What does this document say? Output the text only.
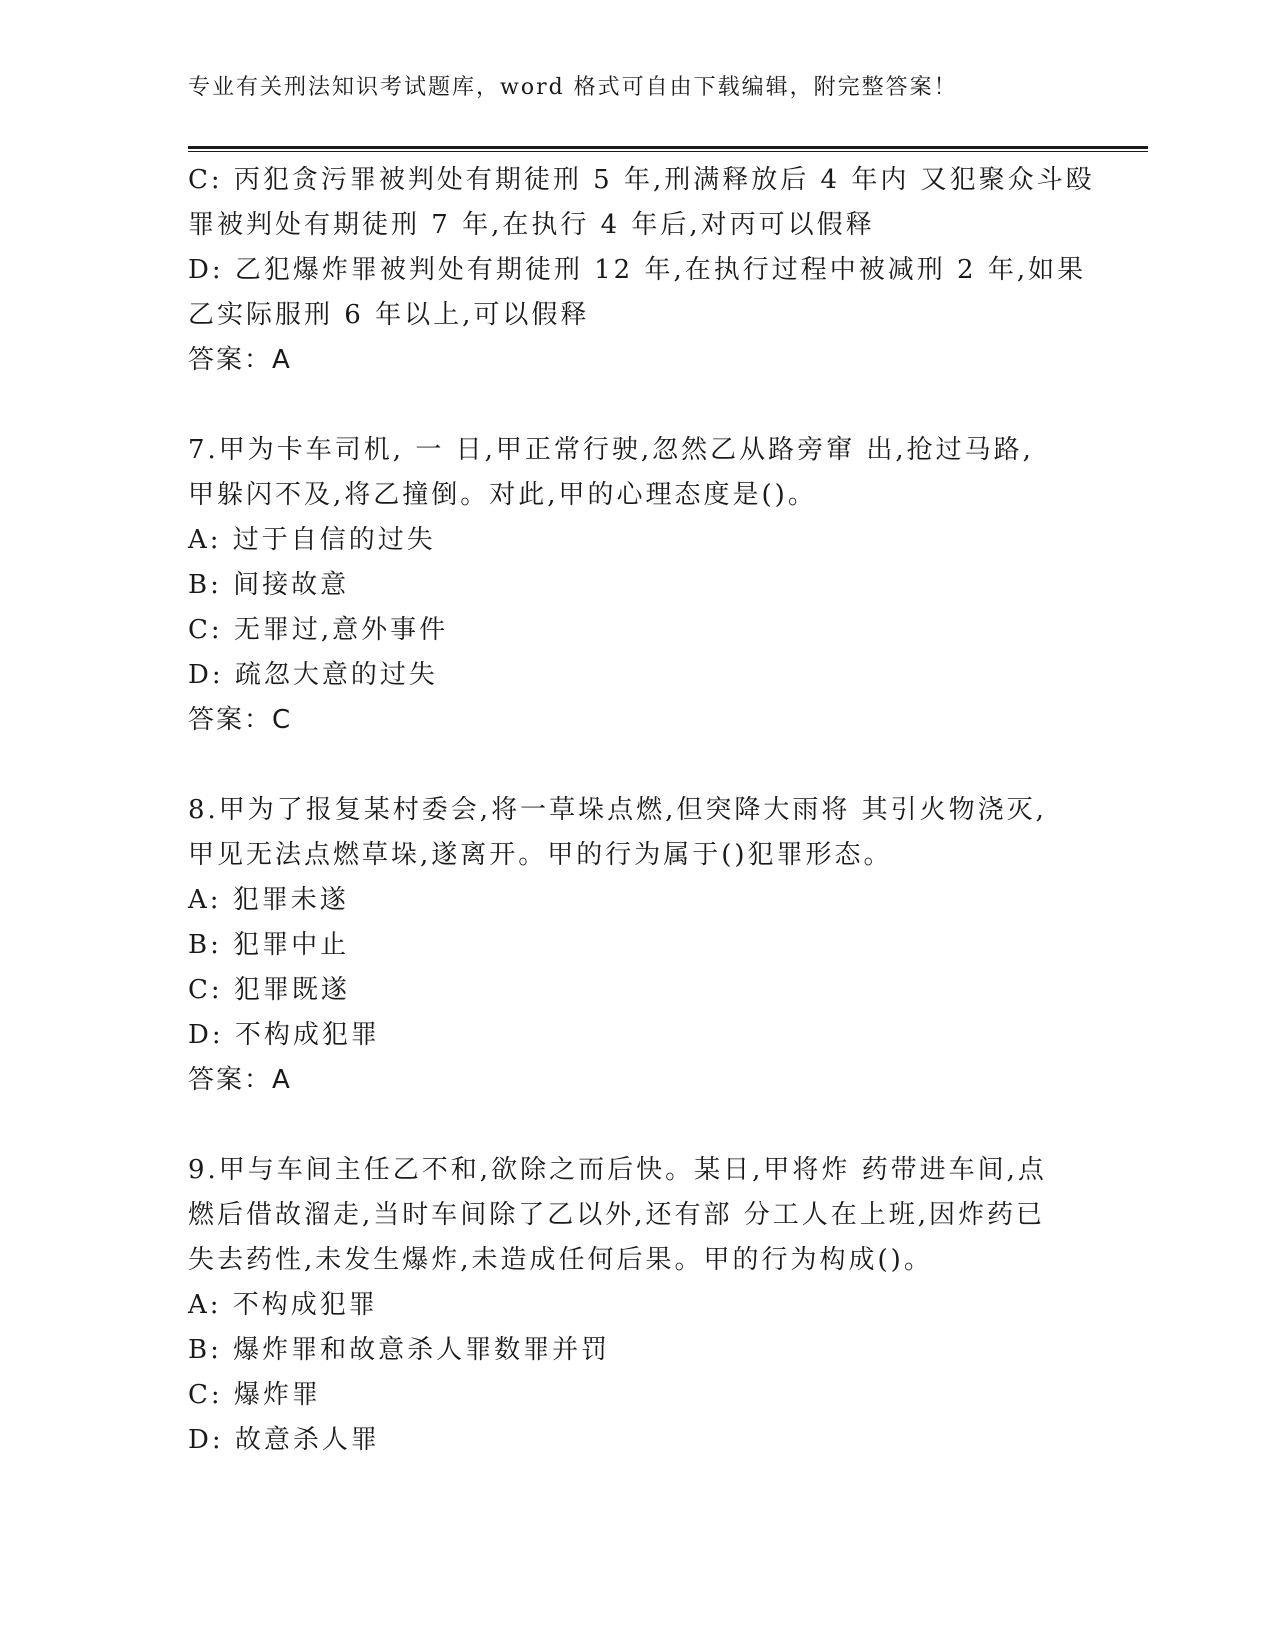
专业有关刑法知识考试题库，word 格式可自由下载编辑，附完整答案！
C: 丙犯贪污罪被判处有期徒刑 5 年,刑满释放后 4 年内 又犯聚众斗殴
罪被判处有期徒刑 7 年,在执行 4 年后,对丙可以假释
D: 乙犯爆炸罪被判处有期徒刑 12 年,在执行过程中被减刑 2 年,如果
乙实际服刑 6 年以上,可以假释
答案：A
7.甲为卡车司机, 一 日,甲正常行驶,忽然乙从路旁窜 出,抢过马路,
甲躲闪不及,将乙撞倒。对此,甲的心理态度是()。
A: 过于自信的过失
B: 间接故意
C: 无罪过,意外事件
D: 疏忽大意的过失
答案：C
8.甲为了报复某村委会,将一草垛点燃,但突降大雨将 其引火物浇灭,
甲见无法点燃草垛,遂离开。甲的行为属于()犯罪形态。
A: 犯罪未遂
B: 犯罪中止
C: 犯罪既遂
D: 不构成犯罪
答案：A
9.甲与车间主任乙不和,欲除之而后快。某日,甲将炸 药带进车间,点
燃后借故溜走,当时车间除了乙以外,还有部 分工人在上班,因炸药已
失去药性,未发生爆炸,未造成任何后果。甲的行为构成()。
A: 不构成犯罪
B: 爆炸罪和故意杀人罪数罪并罚
C: 爆炸罪
D: 故意杀人罪
